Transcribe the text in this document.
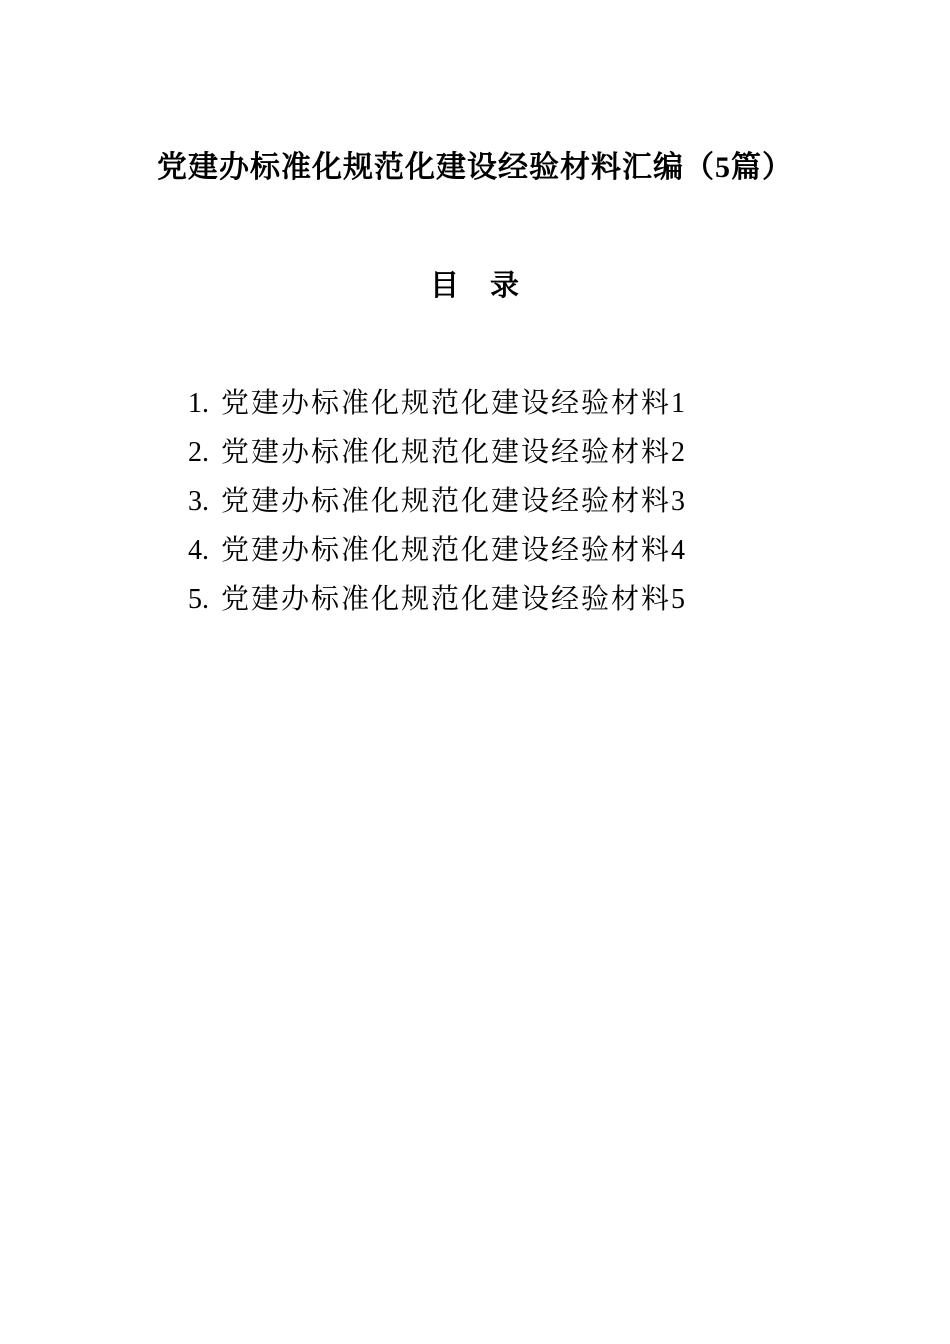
党建办标准化规范化建设经验材料汇编（5篇）
目　录
1. 党建办标准化规范化建设经验材料1
2. 党建办标准化规范化建设经验材料2
3. 党建办标准化规范化建设经验材料3
4. 党建办标准化规范化建设经验材料4
5. 党建办标准化规范化建设经验材料5
